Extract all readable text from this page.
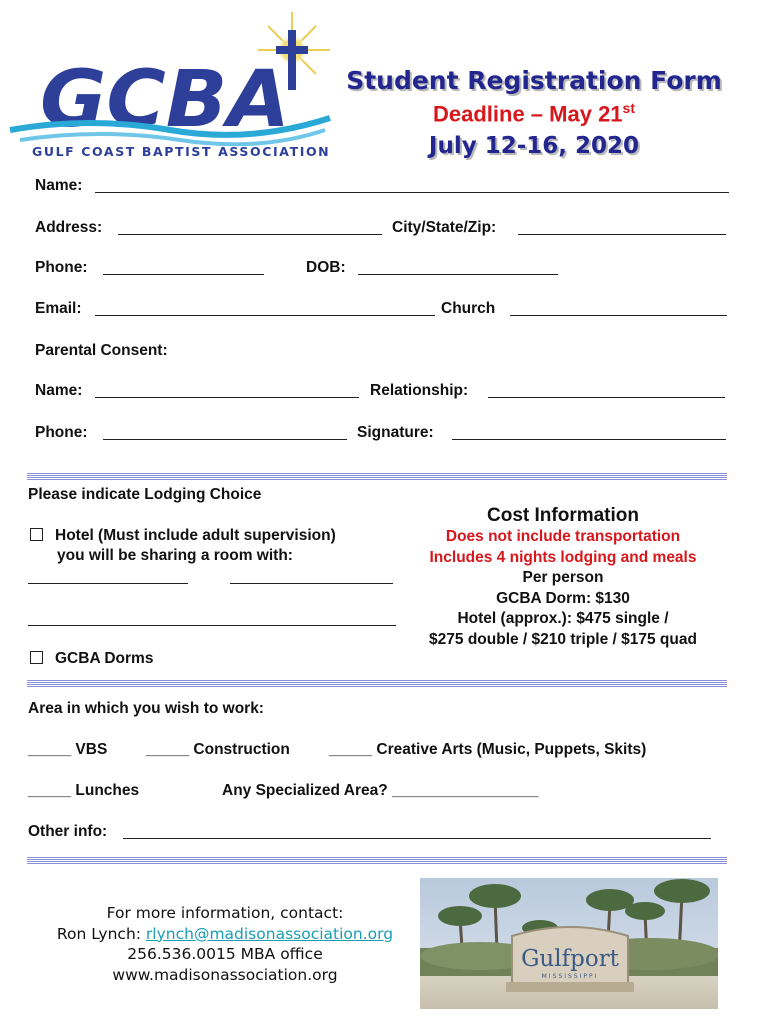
GCBA
GULF COAST BAPTIST ASSOCIATION
Student Registration Form
Deadline – May 21st
July 12-16, 2020
Name:
Address:	City/State/Zip:
Phone:	DOB:
Email:	Church
Parental Consent:
Name:	Relationship:
Phone:	Signature:
Please indicate Lodging Choice
Hotel (Must include adult supervision)
you will be sharing a room with:
GCBA Dorms
Cost Information
Does not include transportation
Includes 4 nights lodging and meals
Per person
GCBA Dorm: $130
Hotel (approx.): $475 single /
$275 double / $210 triple / $175 quad
Area in which you wish to work:
_____ VBS _____ Construction	_____ Creative Arts (Music, Puppets, Skits)
_____ Lunches	Any Specialized Area? _________________
Other info:
For more information, contact:
Ron Lynch: rlynch@madisonassociation.org
256.536.0015 MBA office
www.madisonassociation.org
Gulfport
MISSISSIPPI
